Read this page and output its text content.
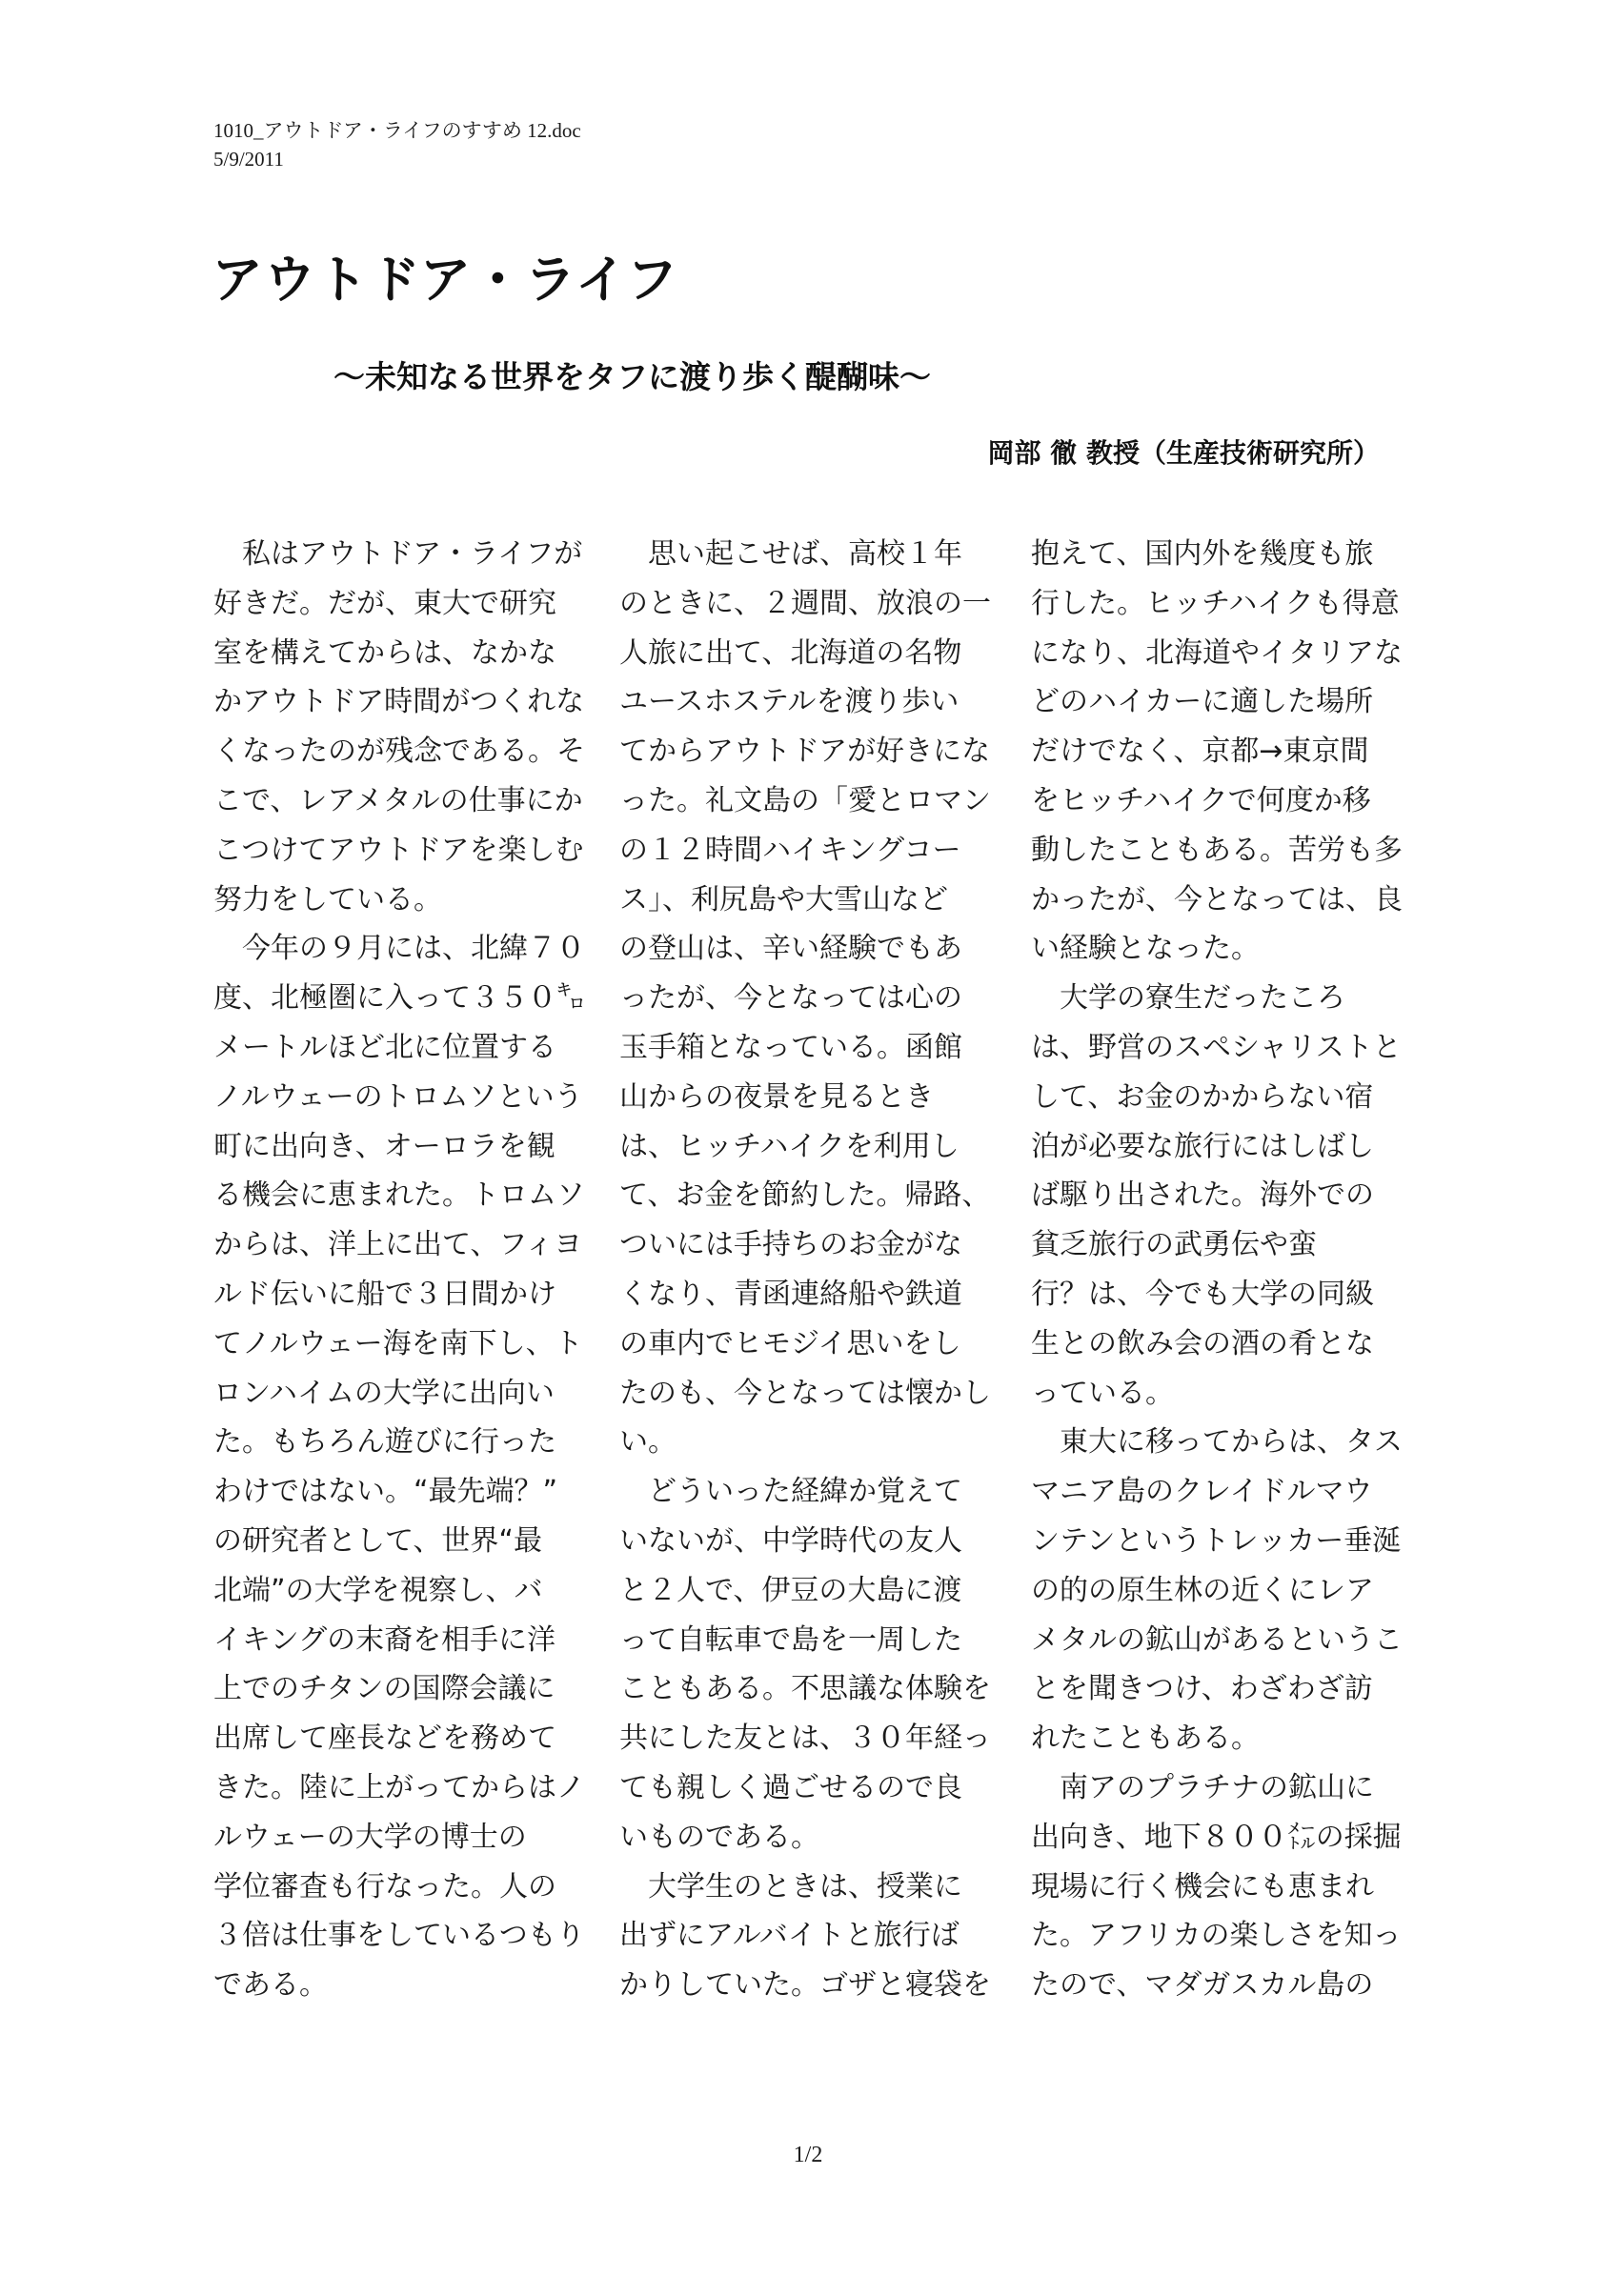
1010_アウトドア・ライフのすすめ 12.doc
5/9/2011
アウトドア・ライフ
～未知なる世界をタフに渡り歩く醍醐味～

岡部 徹 教授（生産技術研究所）

　私はアウトドア・ライフが
好きだ。だが、東大で研究
室を構えてからは、なかな
かアウトドア時間がつくれな
くなったのが残念である。そ
こで、レアメタルの仕事にか
こつけてアウトドアを楽しむ
努力をしている。
　今年の９月には、北緯７０
度、北極圏に入って３５０㌔
メートルほど北に位置する
ノルウェーのトロムソという
町に出向き、オーロラを観
る機会に恵まれた。トロムソ
からは、洋上に出て、フィヨ
ルド伝いに船で３日間かけ
てノルウェー海を南下し、ト
ロンハイムの大学に出向い
た。もちろん遊びに行った
わけではない。“最先端？”
の研究者として、世界“最
北端”の大学を視察し、バ
イキングの末裔を相手に洋
上でのチタンの国際会議に
出席して座長などを務めて
きた。陸に上がってからはノ
ルウェーの大学の博士の
学位審査も行なった。人の
３倍は仕事をしているつもり
である。
　思い起こせば、高校１年
のときに、２週間、放浪の一
人旅に出て、北海道の名物
ユースホステルを渡り歩い
てからアウトドアが好きにな
った。礼文島の「愛とロマン
の１２時間ハイキングコー
ス」、利尻島や大雪山など
の登山は、辛い経験でもあ
ったが、今となっては心の
玉手箱となっている。函館
山からの夜景を見るとき
は、ヒッチハイクを利用し
て、お金を節約した。帰路、
ついには手持ちのお金がな
くなり、青函連絡船や鉄道
の車内でヒモジイ思いをし
たのも、今となっては懐かし
い。
　どういった経緯か覚えて
いないが、中学時代の友人
と２人で、伊豆の大島に渡
って自転車で島を一周した
こともある。不思議な体験を
共にした友とは、３０年経っ
ても親しく過ごせるので良
いものである。
　大学生のときは、授業に
出ずにアルバイトと旅行ば
かりしていた。ゴザと寝袋を
抱えて、国内外を幾度も旅
行した。ヒッチハイクも得意
になり、北海道やイタリアな
どのハイカーに適した場所
だけでなく、京都→東京間
をヒッチハイクで何度か移
動したこともある。苦労も多
かったが、今となっては、良
い経験となった。
　大学の寮生だったころ
は、野営のスペシャリストと
して、お金のかからない宿
泊が必要な旅行にはしばし
ば駆り出された。海外での
貧乏旅行の武勇伝や蛮
行？は、今でも大学の同級
生との飲み会の酒の肴とな
っている。
　東大に移ってからは、タス
マニア島のクレイドルマウ
ンテンというトレッカー垂涎
の的の原生林の近くにレア
メタルの鉱山があるというこ
とを聞きつけ、わざわざ訪
れたこともある。
　南アのプラチナの鉱山に
出向き、地下８００㍍の採掘
現場に行く機会にも恵まれ
た。アフリカの楽しさを知っ
たので、マダガスカル島の
1/2
